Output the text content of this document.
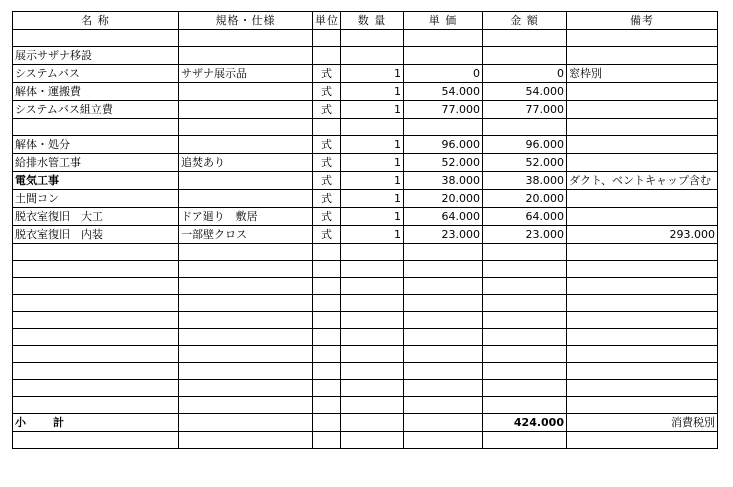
名 称	規格・仕様	単位	数 量	単 価	金 額	備考

展示サザナ移設						
システムバス	サザナ展示品	式	1	0	0	窓枠別
解体・運搬費		式	1	54.000	54.000	
システムバス組立費		式	1	77.000	77.000	

解体・処分		式	1	96.000	96.000	
給排水管工事	追焚あり	式	1	52.000	52.000	
電気工事		式	1	38.000	38.000	ダクト、ベントキャップ含む
土間コン		式	1	20.000	20.000	
脱衣室復旧　大工	ドア廻り　敷居	式	1	64.000	64.000	
脱衣室復旧　内装	一部壁クロス	式	1	23.000	23.000	293.000

小　計					424.000	消費税別
